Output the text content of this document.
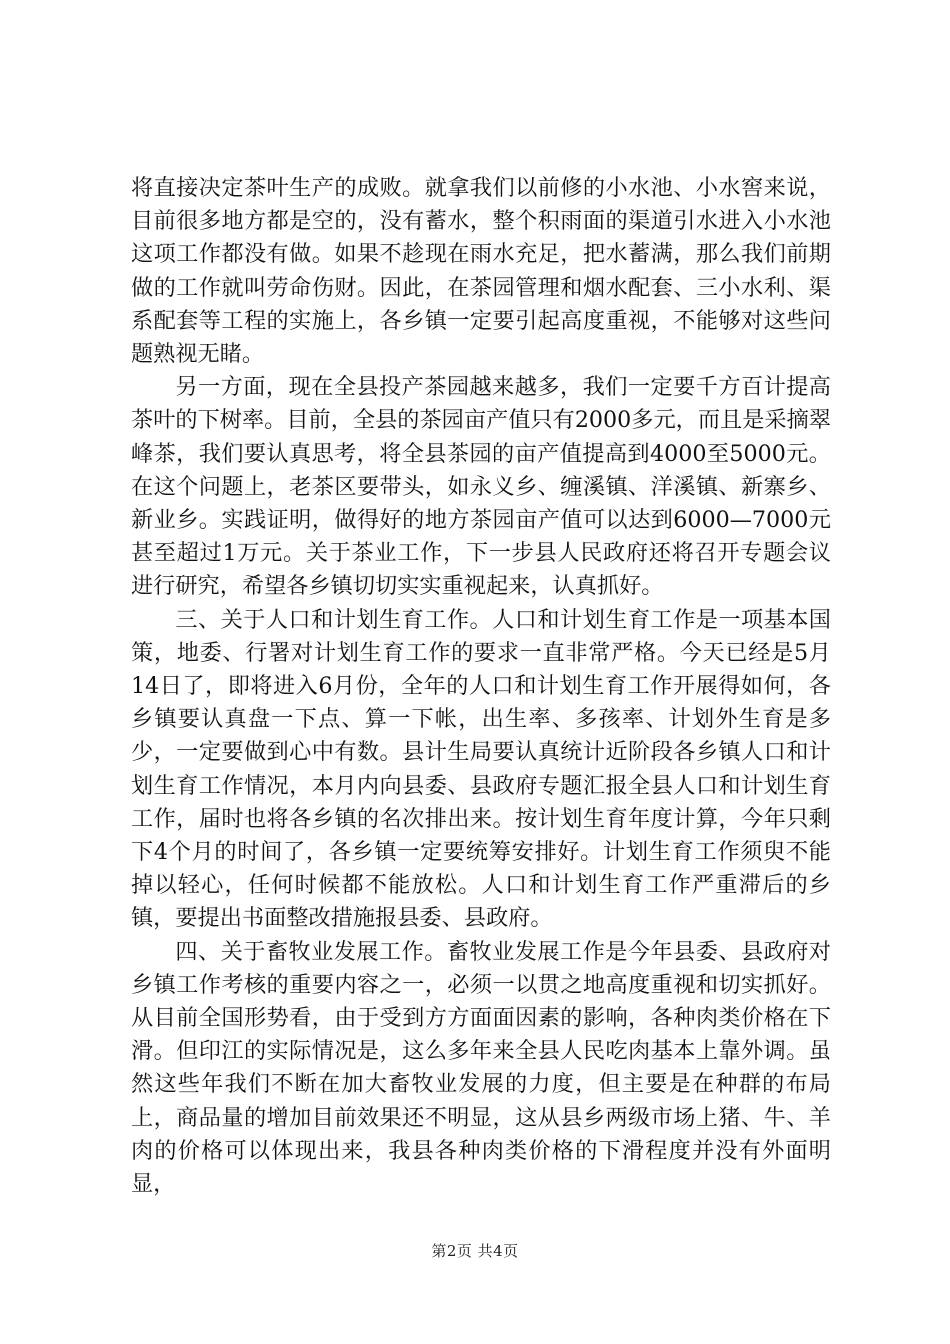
将直接决定茶叶生产的成败。就拿我们以前修的小水池、小水窖来说，目前很多地方都是空的，没有蓄水，整个积雨面的渠道引水进入小水池这项工作都没有做。如果不趁现在雨水充足，把水蓄满，那么我们前期做的工作就叫劳命伤财。因此，在茶园管理和烟水配套、三小水利、渠系配套等工程的实施上，各乡镇一定要引起高度重视，不能够对这些问题熟视无睹。

另一方面，现在全县投产茶园越来越多，我们一定要千方百计提高茶叶的下树率。目前，全县的茶园亩产值只有2000多元，而且是采摘翠峰茶，我们要认真思考，将全县茶园的亩产值提高到4000至5000元。在这个问题上，老茶区要带头，如永义乡、缠溪镇、洋溪镇、新寨乡、新业乡。实践证明，做得好的地方茶园亩产值可以达到6000—7000元甚至超过1万元。关于茶业工作，下一步县人民政府还将召开专题会议进行研究，希望各乡镇切切实实重视起来，认真抓好。

三、关于人口和计划生育工作。人口和计划生育工作是一项基本国策，地委、行署对计划生育工作的要求一直非常严格。今天已经是5月14日了，即将进入6月份，全年的人口和计划生育工作开展得如何，各乡镇要认真盘一下点、算一下帐，出生率、多孩率、计划外生育是多少，一定要做到心中有数。县计生局要认真统计近阶段各乡镇人口和计划生育工作情况，本月内向县委、县政府专题汇报全县人口和计划生育工作，届时也将各乡镇的名次排出来。按计划生育年度计算，今年只剩下4个月的时间了，各乡镇一定要统筹安排好。计划生育工作须臾不能掉以轻心，任何时候都不能放松。人口和计划生育工作严重滞后的乡镇，要提出书面整改措施报县委、县政府。

四、关于畜牧业发展工作。畜牧业发展工作是今年县委、县政府对乡镇工作考核的重要内容之一，必须一以贯之地高度重视和切实抓好。从目前全国形势看，由于受到方方面面因素的影响，各种肉类价格在下滑。但印江的实际情况是，这么多年来全县人民吃肉基本上靠外调。虽然这些年我们不断在加大畜牧业发展的力度，但主要是在种群的布局上，商品量的增加目前效果还不明显，这从县乡两级市场上猪、牛、羊肉的价格可以体现出来，我县各种肉类价格的下滑程度并没有外面明显，

第2页 共4页
